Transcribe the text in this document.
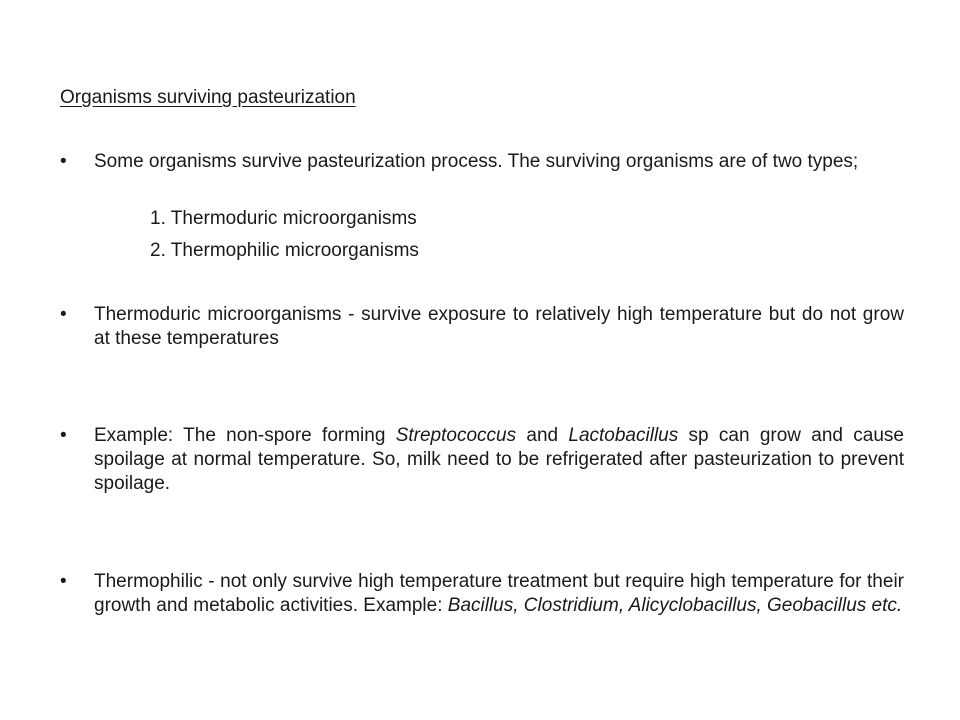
Organisms surviving pasteurization
• Some organisms survive pasteurization process. The surviving organisms are of two types;
1. Thermoduric microorganisms
2. Thermophilic microorganisms
• Thermoduric microorganisms - survive exposure to relatively high temperature but do not grow at these temperatures
• Example: The non-spore forming Streptococcus and Lactobacillus sp can grow and cause spoilage at normal temperature. So, milk need to be refrigerated after pasteurization to prevent spoilage.
• Thermophilic - not only survive high temperature treatment but require high temperature for their growth and metabolic activities. Example: Bacillus, Clostridium, Alicyclobacillus, Geobacillus etc.
